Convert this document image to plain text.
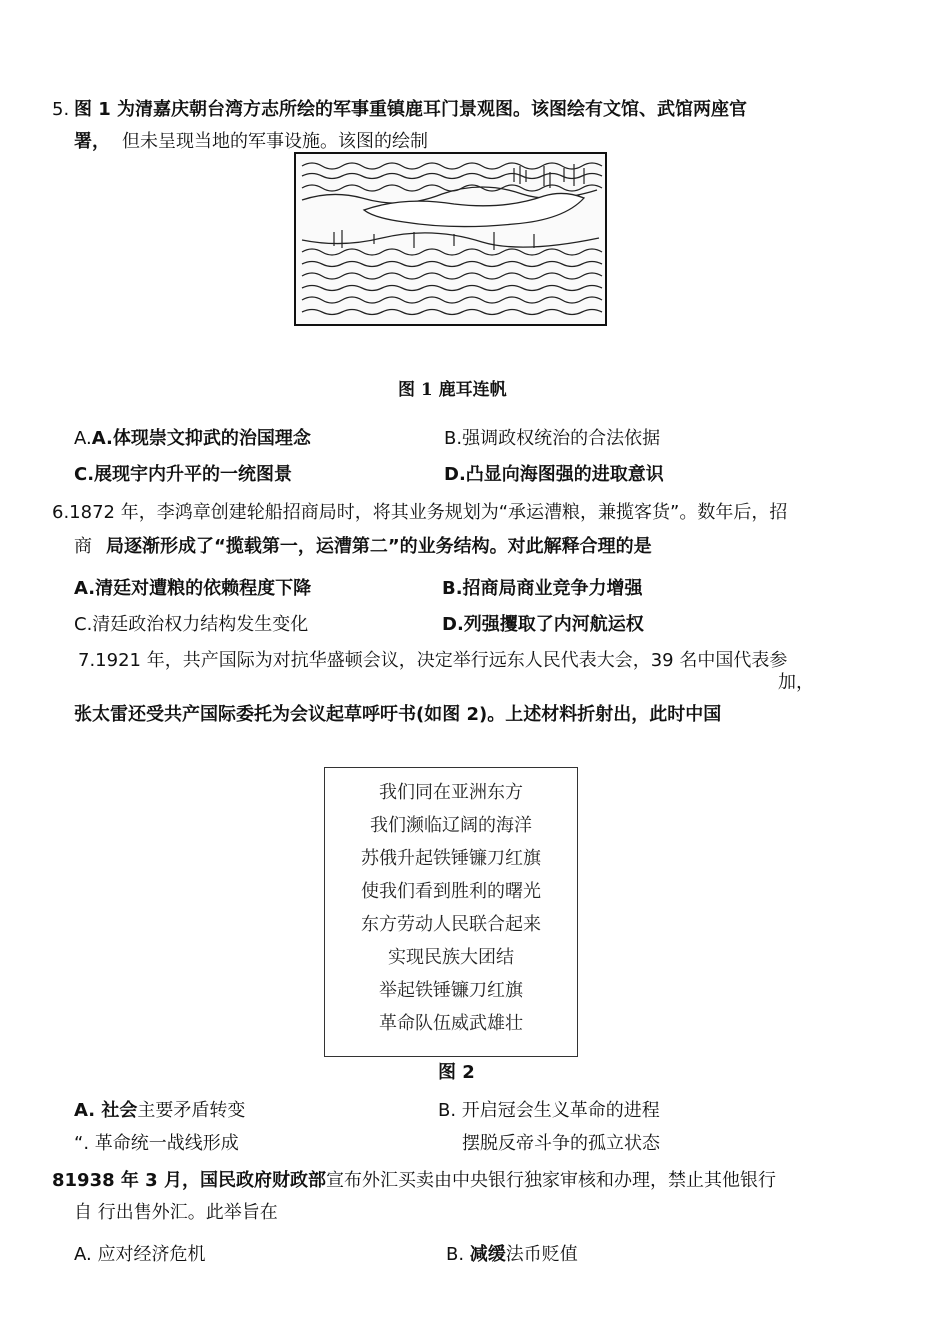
5. 图 1 为清嘉庆朝台湾方志所绘的军事重镇鹿耳门景观图。该图绘有文馆、武馆两座官
署， 但未呈现当地的军事设施。该图的绘制
图 1 鹿耳连帆
A.A.体现崇文抑武的治国理念	B.强调政权统治的合法依据
C.展现宇内升平的一统图景	D.凸显向海图强的进取意识
6.1872 年，李鸿章创建轮船招商局时，将其业务规划为“承运漕粮，兼揽客货”。数年后，招
商 局逐渐形成了“揽载第一，运漕第二”的业务结构。对此解释合理的是
A.清廷对遭粮的依赖程度下降	B.招商局商业竞争力增强
C.清廷政治权力结构发生变化	D.列强攫取了内河航运权
7.1921 年，共产国际为对抗华盛顿会议，决定举行远东人民代表大会，39 名中国代表参
加，
张太雷还受共产国际委托为会议起草呼吁书(如图 2)。上述材料折射出，此时中国
我们同在亚洲东方
我们濒临辽阔的海洋
苏俄升起铁锤镰刀红旗
使我们看到胜利的曙光
东方劳动人民联合起来
实现民族大团结
举起铁锤镰刀红旗
革命队伍威武雄壮
图 2
A. 社会主要矛盾转变	B. 开启冠会生义革命的进程
“. 革命统一战线形成	摆脱反帝斗争的孤立状态
81938 年 3 月，国民政府财政部宣布外汇买卖由中央银行独家审核和办理，禁止其他银行
自 行出售外汇。此举旨在
A. 应对经济危机	B. 减缓法币贬值
